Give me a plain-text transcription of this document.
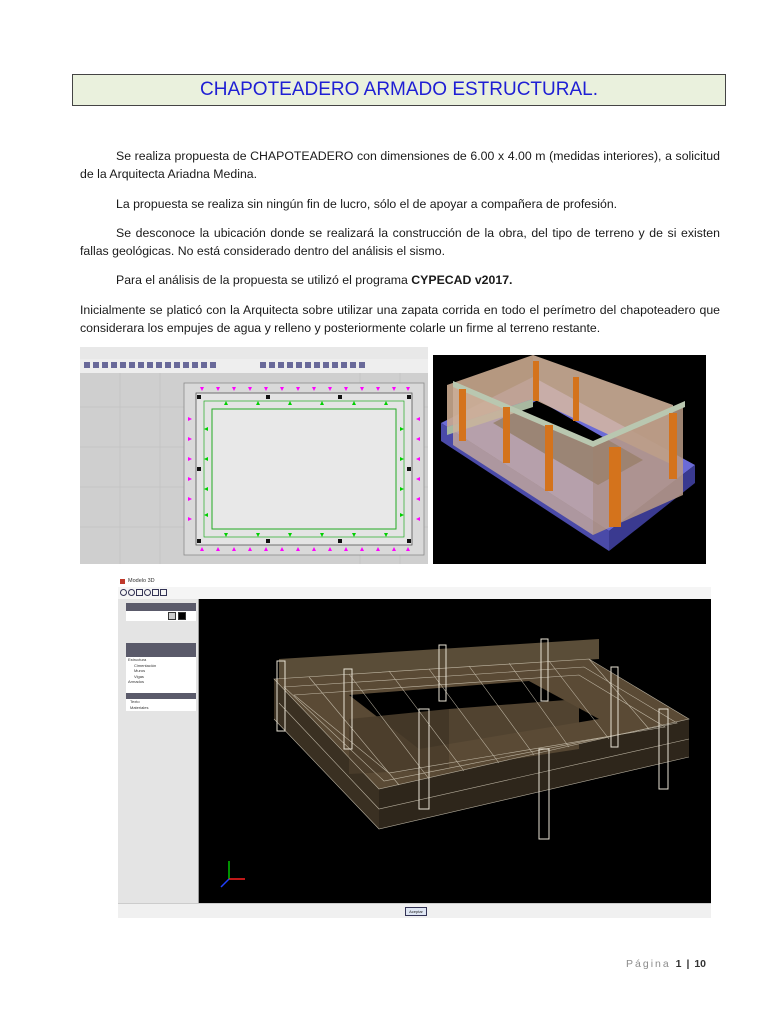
CHAPOTEADERO ARMADO ESTRUCTURAL.

Se realiza propuesta de CHAPOTEADERO con dimensiones de 6.00 x 4.00 m (medidas interiores), a solicitud de la Arquitecta Ariadna Medina.

La propuesta se realiza sin ningún fin de lucro, sólo el de apoyar a compañera de profesión.

Se desconoce la ubicación donde se realizará la construcción de la obra, del tipo de terreno y de si existen fallas geológicas. No está considerado dentro del análisis el sismo.

Para el análisis de la propuesta se utilizó el programa CYPECAD v2017.

Inicialmente se platicó con la Arquitecta sobre utilizar una zapata corrida en todo el perímetro del chapoteadero que considerara los empujes de agua y relleno y posteriormente colarle un firme al terreno restante.

Modelo 3D
Estructura
Cimentación
Muros
Vigas
Armados
Texto
Materiales
Aceptar
Página 1 | 10
